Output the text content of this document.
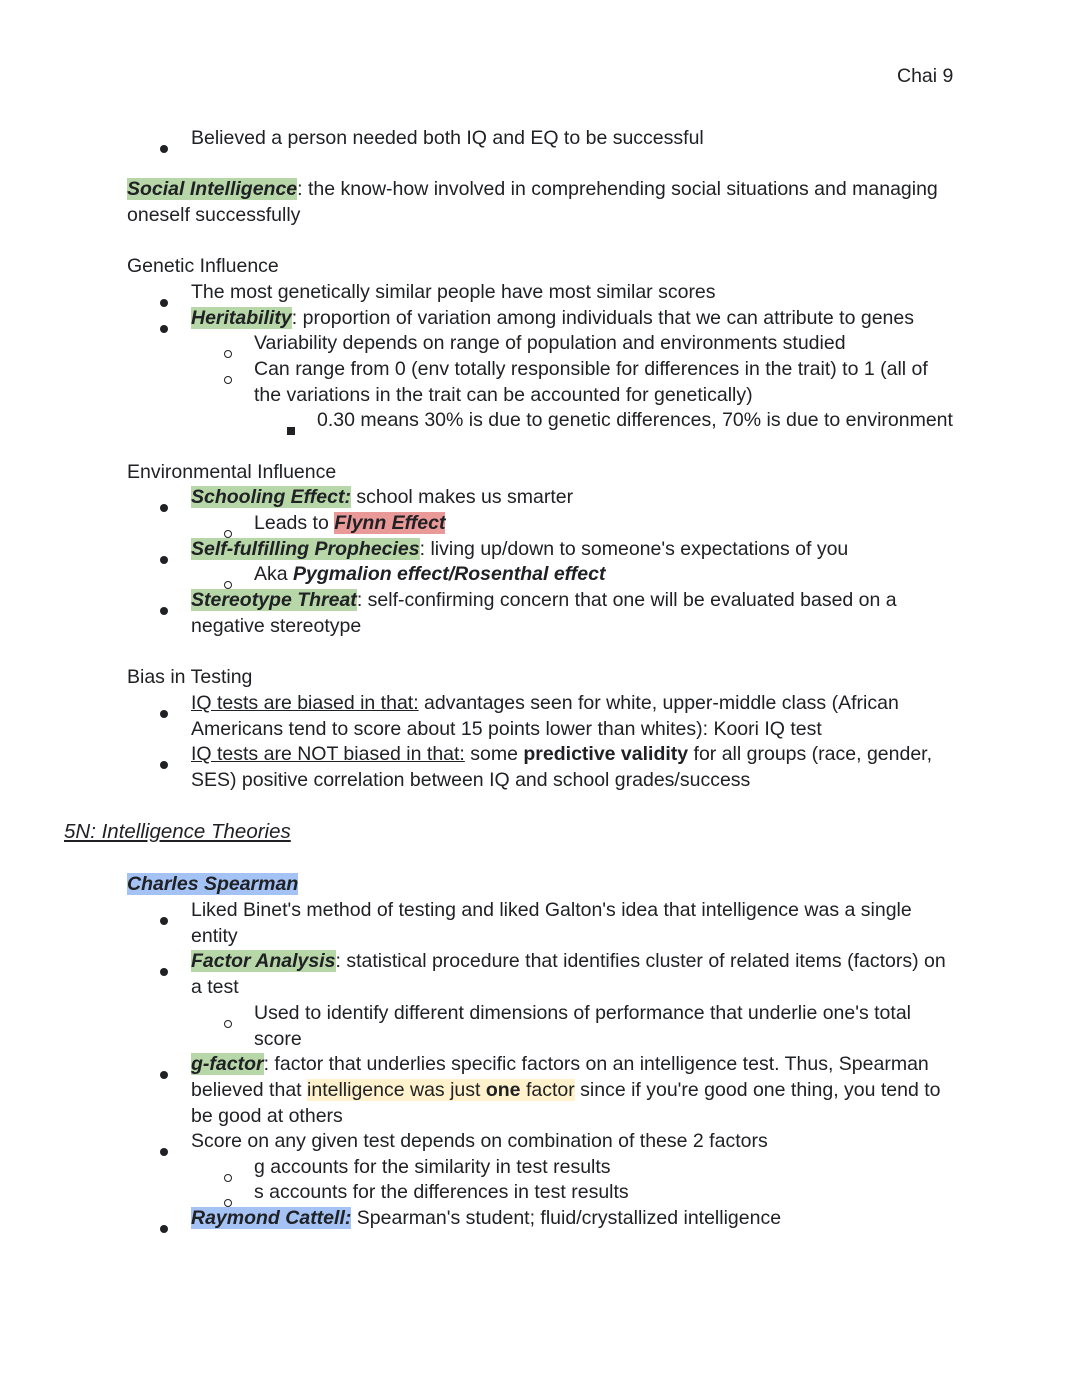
Chai 9
Believed a person needed both IQ and EQ to be successful
Social Intelligence: the know-how involved in comprehending social situations and managing
oneself successfully
Genetic Influence
The most genetically similar people have most similar scores
Heritability: proportion of variation among individuals that we can attribute to genes
Variability depends on range of population and environments studied
Can range from 0 (env totally responsible for differences in the trait) to 1 (all of
the variations in the trait can be accounted for genetically)
0.30 means 30% is due to genetic differences, 70% is due to environment
Environmental Influence
Schooling Effect: school makes us smarter
Leads to Flynn Effect
Self-fulfilling Prophecies: living up/down to someone's expectations of you
Aka Pygmalion effect/Rosenthal effect
Stereotype Threat: self-confirming concern that one will be evaluated based on a
negative stereotype
Bias in Testing
IQ tests are biased in that: advantages seen for white, upper-middle class (African
Americans tend to score about 15 points lower than whites): Koori IQ test
IQ tests are NOT biased in that: some predictive validity for all groups (race, gender,
SES) positive correlation between IQ and school grades/success
5N: Intelligence Theories
Charles Spearman
Liked Binet's method of testing and liked Galton's idea that intelligence was a single
entity
Factor Analysis: statistical procedure that identifies cluster of related items (factors) on
a test
Used to identify different dimensions of performance that underlie one's total
score
g-factor: factor that underlies specific factors on an intelligence test. Thus, Spearman
believed that intelligence was just one factor since if you're good one thing, you tend to
be good at others
Score on any given test depends on combination of these 2 factors
g accounts for the similarity in test results
s accounts for the differences in test results
Raymond Cattell: Spearman's student; fluid/crystallized intelligence
